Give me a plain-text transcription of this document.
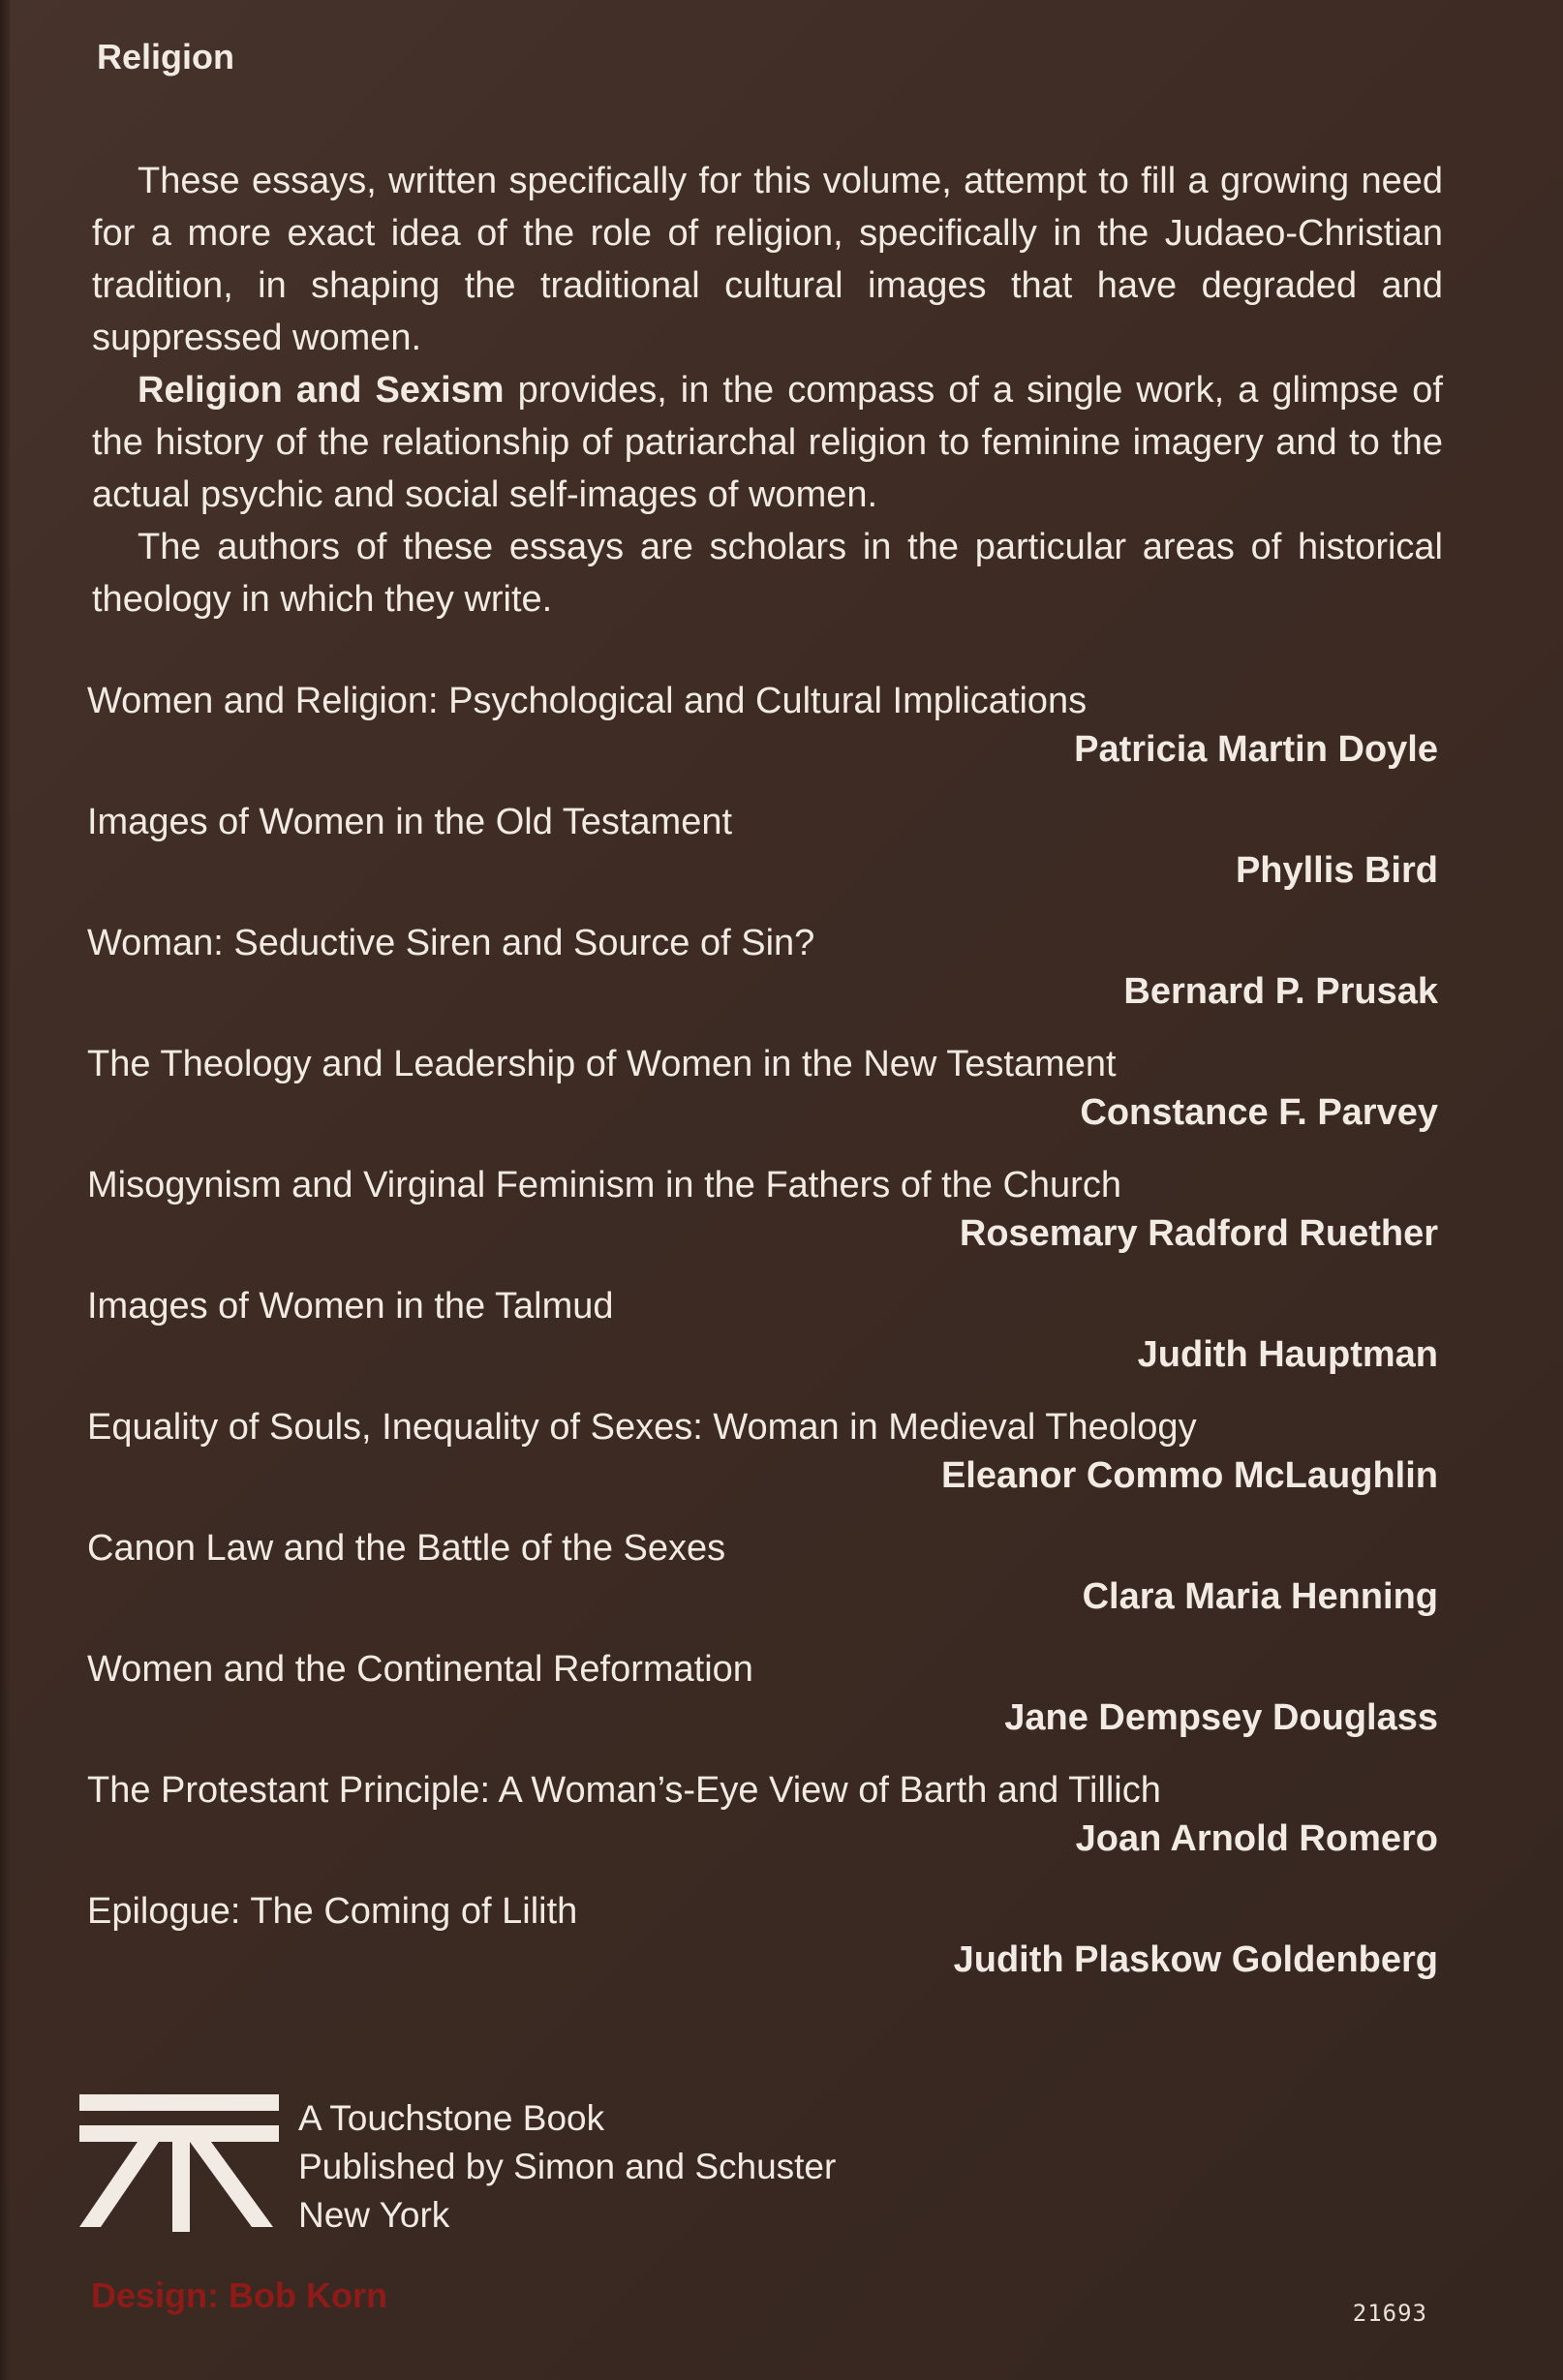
Religion

These essays, written specifically for this volume, attempt to fill a growing need for a more exact idea of the role of religion, specifically in the Judaeo-Christian tradition, in shaping the traditional cultural images that have degraded and suppressed women.

Religion and Sexism provides, in the compass of a single work, a glimpse of the history of the relationship of patriarchal religion to feminine imagery and to the actual psychic and social self-images of women.

The authors of these essays are scholars in the particular areas of historical theology in which they write.

Women and Religion: Psychological and Cultural Implications
Patricia Martin Doyle
Images of Women in the Old Testament
Phyllis Bird
Woman: Seductive Siren and Source of Sin?
Bernard P. Prusak
The Theology and Leadership of Women in the New Testament
Constance F. Parvey
Misogynism and Virginal Feminism in the Fathers of the Church
Rosemary Radford Ruether
Images of Women in the Talmud
Judith Hauptman
Equality of Souls, Inequality of Sexes: Woman in Medieval Theology
Eleanor Commo McLaughlin
Canon Law and the Battle of the Sexes
Clara Maria Henning
Women and the Continental Reformation
Jane Dempsey Douglass
The Protestant Principle: A Woman’s-Eye View of Barth and Tillich
Joan Arnold Romero
Epilogue: The Coming of Lilith
Judith Plaskow Goldenberg
A Touchstone Book
Published by Simon and Schuster
New York
Design: Bob Korn	21693
